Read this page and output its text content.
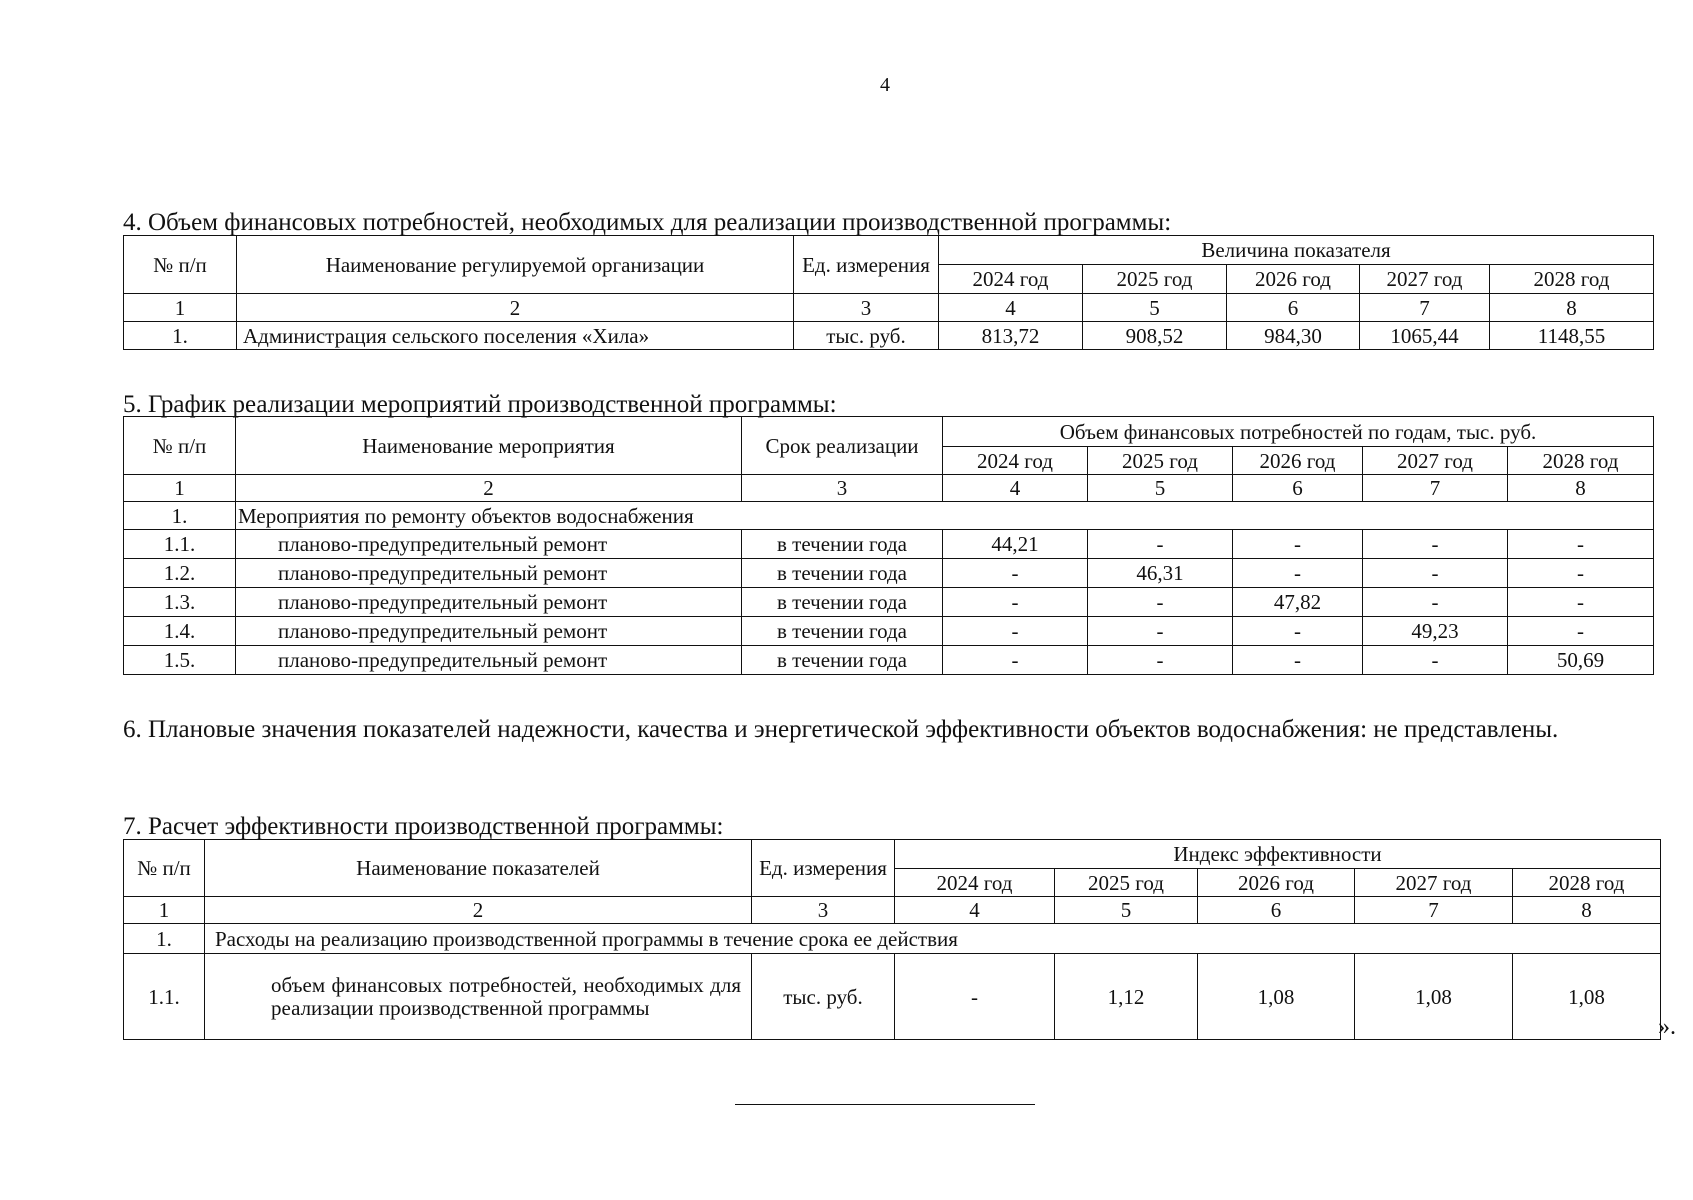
4
4. Объем финансовых потребностей, необходимых для реализации производственной программы:
№ п/п	Наименование регулируемой организации	Ед. измерения	Величина показателя				
			2024 год	2025 год	2026 год	2027 год	2028 год
1	2	3	4	5	6	7	8
1.	Администрация сельского поселения «Хила»	тыс. руб.	813,72	908,52	984,30	1065,44	1148,55
5. График реализации мероприятий производственной программы:
№ п/п	Наименование мероприятия	Срок реализации	Объем финансовых потребностей по годам, тыс. руб.				
			2024 год	2025 год	2026 год	2027 год	2028 год
1	2	3	4	5	6	7	8
1.	Мероприятия по ремонту объектов водоснабжения						
1.1.	планово-предупредительный ремонт	в течении года	44,21	-	-	-	-
1.2.	планово-предупредительный ремонт	в течении года	-	46,31	-	-	-
1.3.	планово-предупредительный ремонт	в течении года	-	-	47,82	-	-
1.4.	планово-предупредительный ремонт	в течении года	-	-	-	49,23	-
1.5.	планово-предупредительный ремонт	в течении года	-	-	-	-	50,69
6. Плановые значения показателей надежности, качества и энергетической эффективности объектов водоснабжения: не представлены.
7. Расчет эффективности производственной программы:
№ п/п	Наименование показателей	Ед. измерения	Индекс эффективности				
			2024 год	2025 год	2026 год	2027 год	2028 год
1	2	3	4	5	6	7	8
1.	Расходы на реализацию производственной программы в течение срока ее действия						
1.1.	объем финансовых потребностей, необходимых для реализации производственной программы	тыс. руб.	-	1,12	1,08	1,08	1,08
».
